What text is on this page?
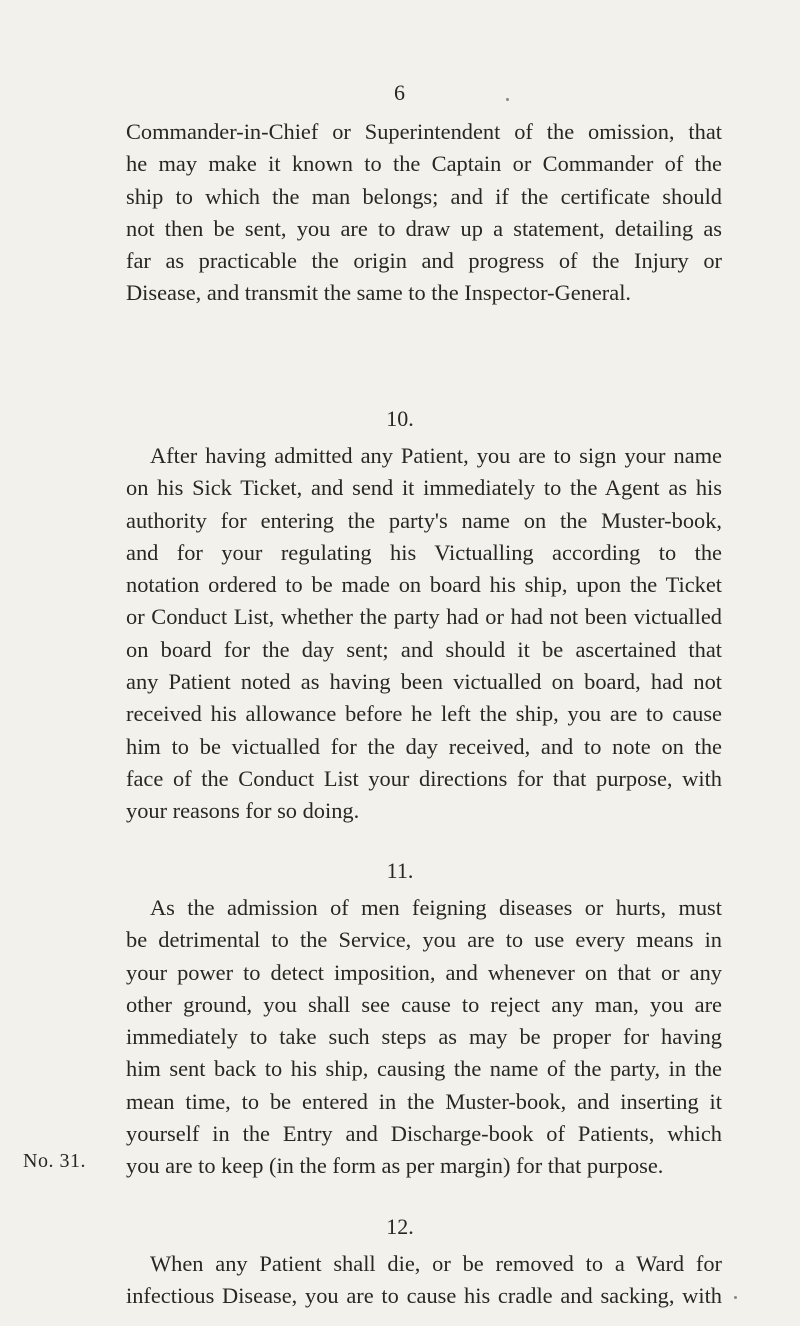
6
Commander-in-Chief or Superintendent of the omission, that
he may make it known to the Captain or Commander of the
ship to which the man belongs; and if the certificate should
not then be sent, you are to draw up a statement, detailing as
far as practicable the origin and progress of the Injury or
Disease, and transmit the same to the Inspector-General.
10.
After having admitted any Patient, you are to sign your name
on his Sick Ticket, and send it immediately to the Agent as his
authority for entering the party's name on the Muster-book,
and for your regulating his Victualling according to the
notation ordered to be made on board his ship, upon the Ticket
or Conduct List, whether the party had or had not been victualled
on board for the day sent; and should it be ascertained that
any Patient noted as having been victualled on board, had not
received his allowance before he left the ship, you are to cause
him to be victualled for the day received, and to note on the
face of the Conduct List your directions for that purpose, with
your reasons for so doing.
11.
As the admission of men feigning diseases or hurts, must
be detrimental to the Service, you are to use every means in
your power to detect imposition, and whenever on that or any
other ground, you shall see cause to reject any man, you are
immediately to take such steps as may be proper for having
him sent back to his ship, causing the name of the party, in the
mean time, to be entered in the Muster-book, and inserting it
yourself in the Entry and Discharge-book of Patients, which
you are to keep (in the form as per margin) for that purpose.
No. 31.
12.
When any Patient shall die, or be removed to a Ward for
infectious Disease, you are to cause his cradle and sacking, with
